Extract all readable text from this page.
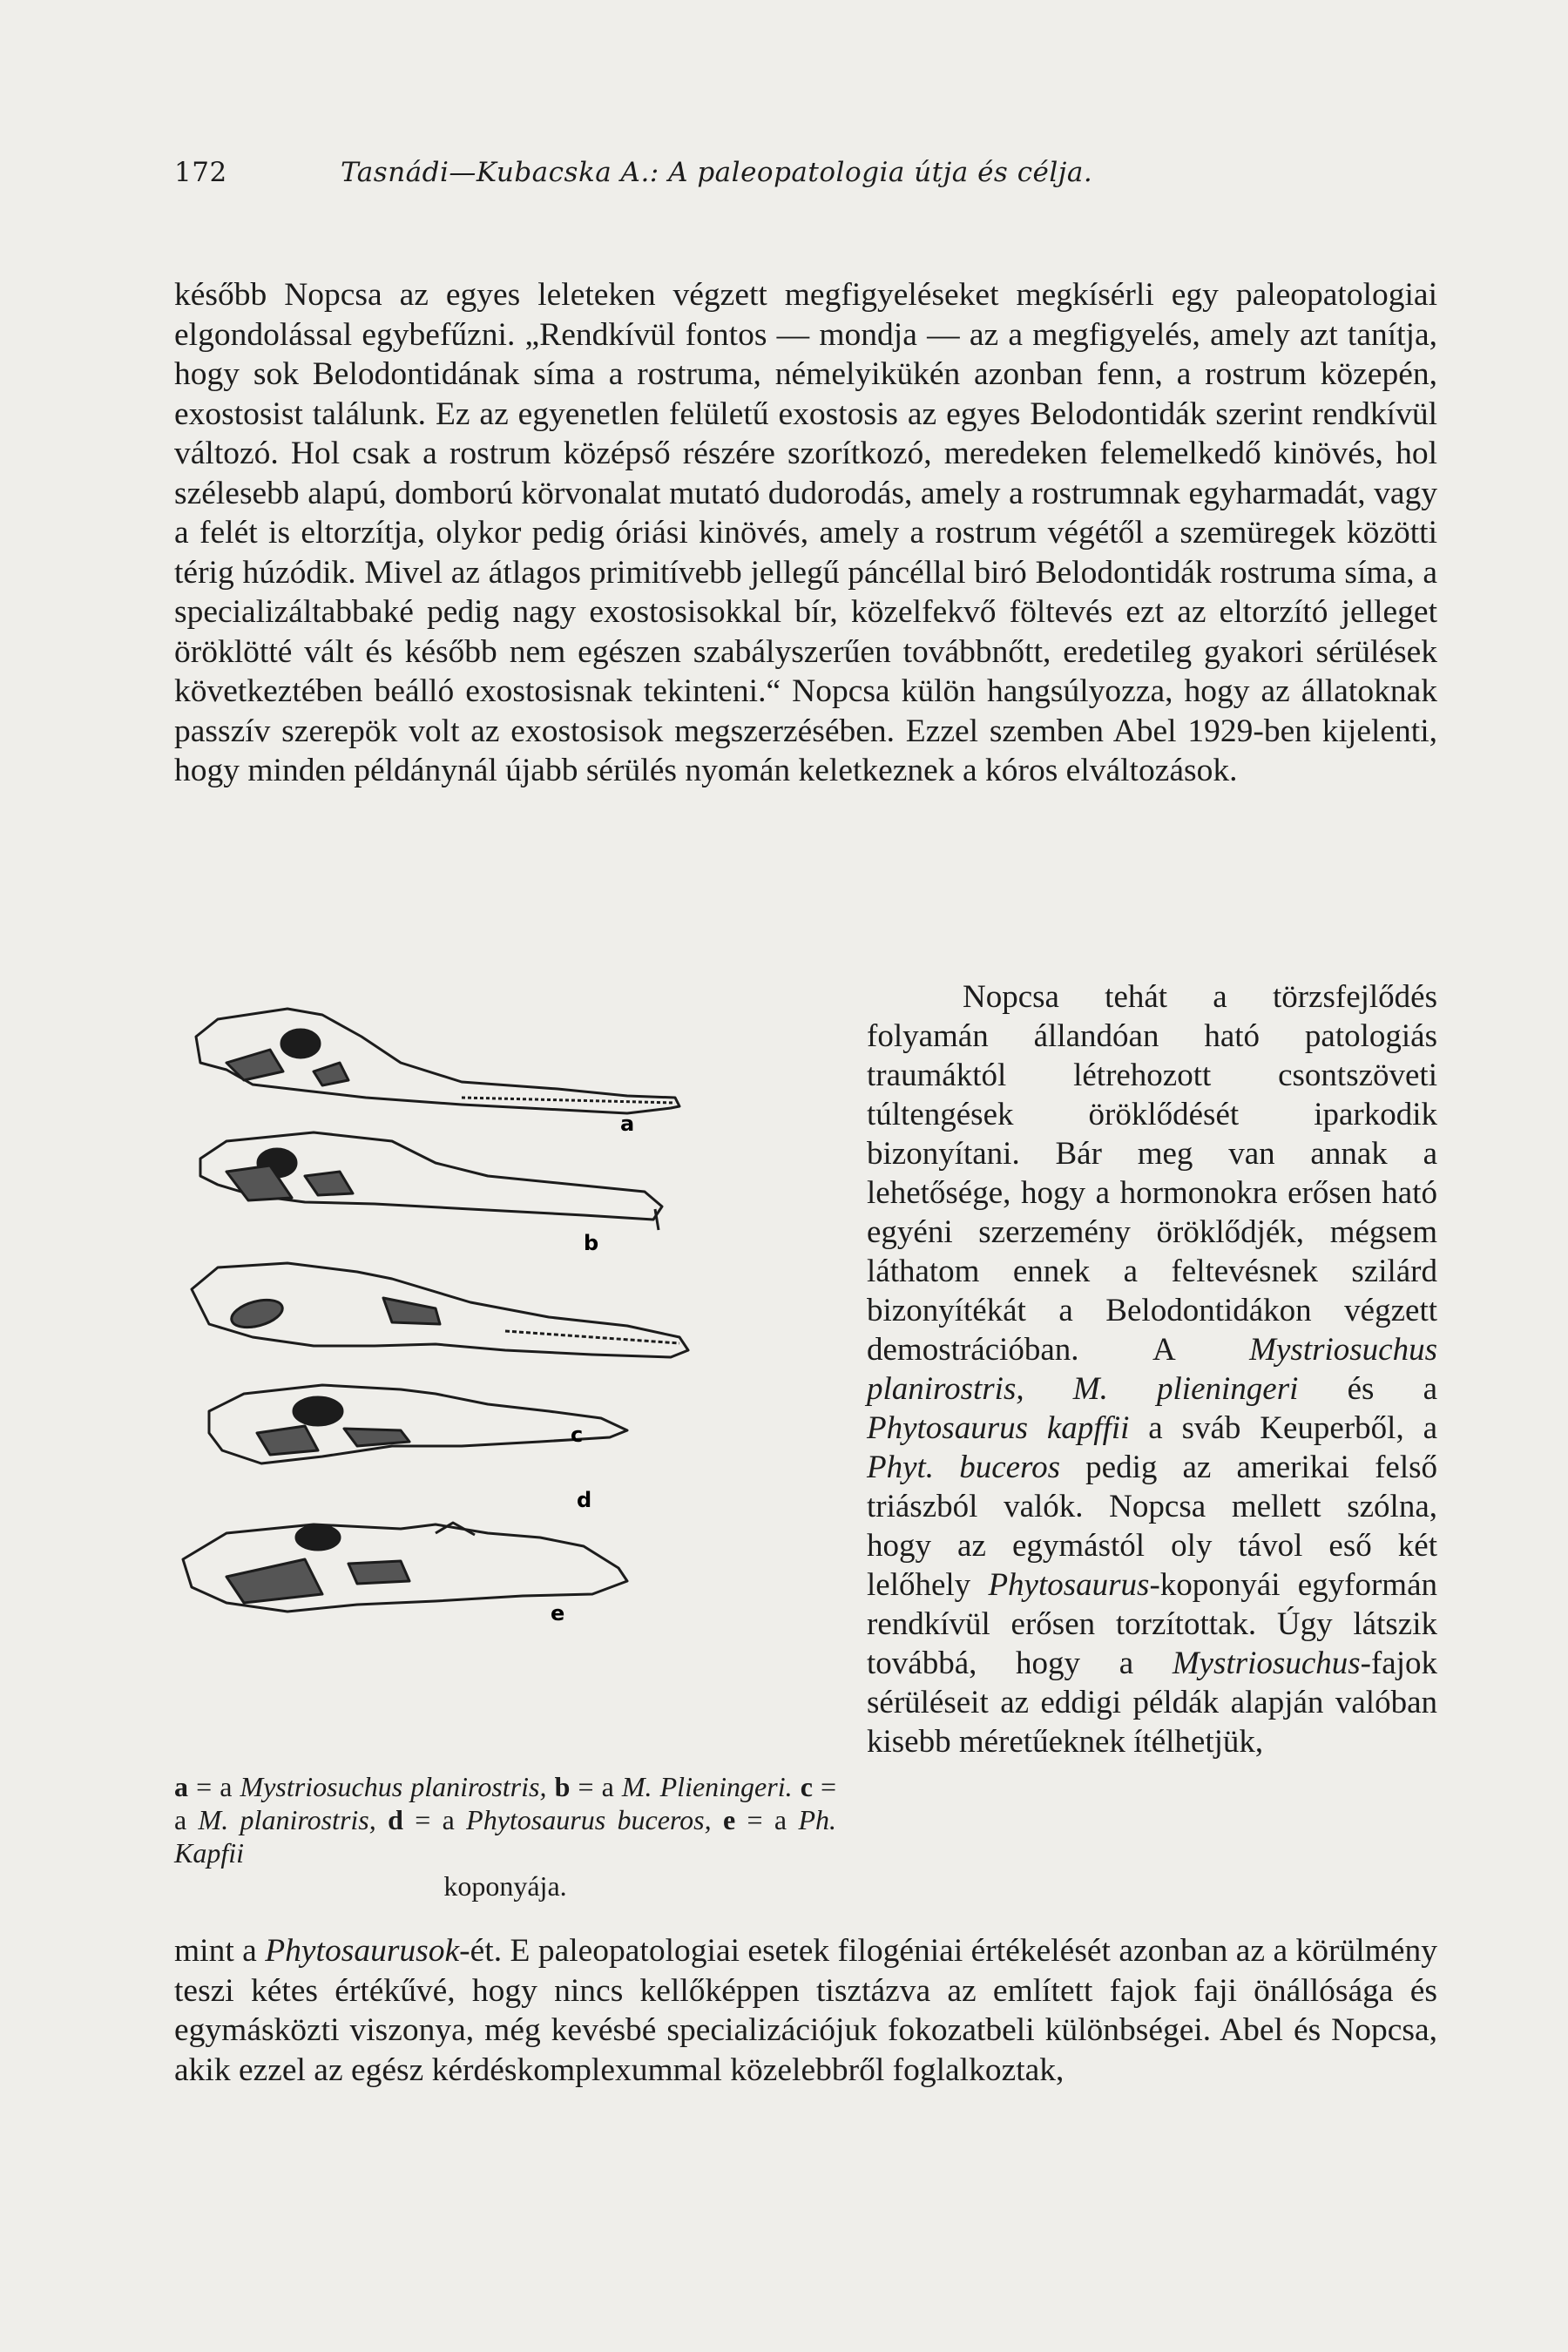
172	Tasnádi—Kubacska A.: A paleopatologia útja és célja.

később Nopcsa az egyes leleteken végzett megfigyeléseket megkísérli egy paleopatologiai elgondolással egybefűzni. „Rendkívül fontos — mondja — az a megfigyelés, amely azt tanítja, hogy sok Belodontidának síma a rostruma, némelyikükén azonban fenn, a rostrum közepén, exostosist találunk. Ez az egyenetlen felületű exostosis az egyes Belodontidák szerint rendkívül változó. Hol csak a rostrum középső részére szorítkozó, meredeken felemelkedő kinövés, hol szélesebb alapú, domború körvonalat mutató dudorodás, amely a rostrumnak egyharmadát, vagy a felét is eltorzítja, olykor pedig óriási kinövés, amely a rostrum végétől a szemüregek közötti térig húzódik. Mivel az átlagos primitívebb jellegű páncéllal biró Belodontidák rostruma síma, a specializáltabbaké pedig nagy exostosisokkal bír, közelfekvő föltevés ezt az eltorzító jelleget öröklötté vált és később nem egészen szabályszerűen továbbnőtt, eredetileg gyakori sérülések következtében beálló exostosisnak tekinteni.“ Nopcsa külön hangsúlyozza, hogy az állatoknak passzív szerepök volt az exostosisok megszerzésében. Ezzel szemben Abel 1929-ben kijelenti, hogy minden példánynál újabb sérülés nyomán keletkeznek a kóros elváltozások.

Nopcsa tehát a törzsfejlődés folyamán állandóan ható patologiás traumáktól létrehozott csontszöveti túltengések öröklődését iparkodik bizonyítani. Bár meg van annak a lehetősége, hogy a hormonokra erősen ható egyéni szerzemény öröklődjék, mégsem láthatom ennek a feltevésnek szilárd bizonyítékát a Belodontidákon végzett demostrációban. A Mystriosuchus planirostris, M. plieningeri és a Phytosaurus kapffii a sváb Keuperből, a Phyt. buceros pedig az amerikai felső triászból valók. Nopcsa mellett szólna, hogy az egymástól oly távol eső két lelőhely Phytosaurus-koponyái egyformán rendkívül erősen torzítottak. Úgy látszik továbbá, hogy a Mystriosuchus-fajok sérüléseit az eddigi példák alapján valóban kisebb méretűeknek ítélhetjük,

a
b
c
d
e
a = a Mystriosuchus planirostris, b = a M. Plieningeri. c = a M. planirostris, d = a Phytosaurus buceros, e = a Ph. Kapfii
koponyája.

mint a Phytosaurusok-ét. E paleopatologiai esetek filogéniai értékelését azonban az a körülmény teszi kétes értékűvé, hogy nincs kellőképpen tisztázva az említett fajok faji önállósága és egymásközti viszonya, még kevésbé specializációjuk fokozatbeli különbségei. Abel és Nopcsa, akik ezzel az egész kérdéskomplexummal közelebbről foglalkoztak,
